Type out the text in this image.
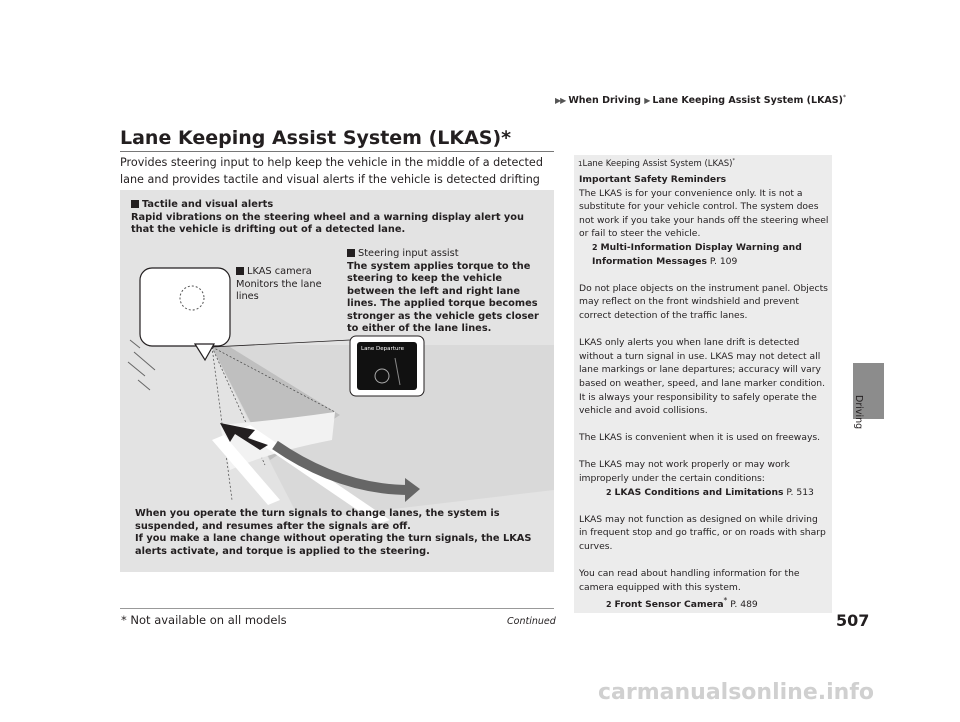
▶▶ When Driving ▶ Lane Keeping Assist System (LKAS)*
Lane Keeping Assist System (LKAS)*
Provides steering input to help keep the vehicle in the middle of a detected lane and provides tactile and visual alerts if the vehicle is detected drifting
Lane Departure
Tactile and visual alerts
Rapid vibrations on the steering wheel and a warning display alert you that the vehicle is drifting out of a detected lane.
LKAS camera
Monitors the lane lines
Steering input assist
The system applies torque to the steering to keep the vehicle between the left and right lane lines. The applied torque becomes stronger as the vehicle gets closer to either of the lane lines.
When you operate the turn signals to change lanes, the system is suspended, and resumes after the signals are off.
If you make a lane change without operating the turn signals, the LKAS alerts activate, and torque is applied to the steering.
1Lane Keeping Assist System (LKAS)*
Important Safety Reminders
The LKAS is for your convenience only. It is not a substitute for your vehicle control. The system does not work if you take your hands off the steering wheel or fail to steer the vehicle.
2 Multi-Information Display Warning and Information Messages P. 109

Do not place objects on the instrument panel. Objects may reflect on the front windshield and prevent correct detection of the traffic lanes.

LKAS only alerts you when lane drift is detected without a turn signal in use. LKAS may not detect all lane markings or lane departures; accuracy will vary based on weather, speed, and lane marker condition. It is always your responsibility to safely operate the vehicle and avoid collisions.

The LKAS is convenient when it is used on freeways.

The LKAS may not work properly or may work improperly under the certain conditions:
2 LKAS Conditions and Limitations P. 513

LKAS may not function as designed on while driving in frequent stop and go traffic, or on roads with sharp curves.

You can read about handling information for the camera equipped with this system.
2 Front Sensor Camera* P. 489
Driving
* Not available on all models	Continued	507
carmanualsonline.info
